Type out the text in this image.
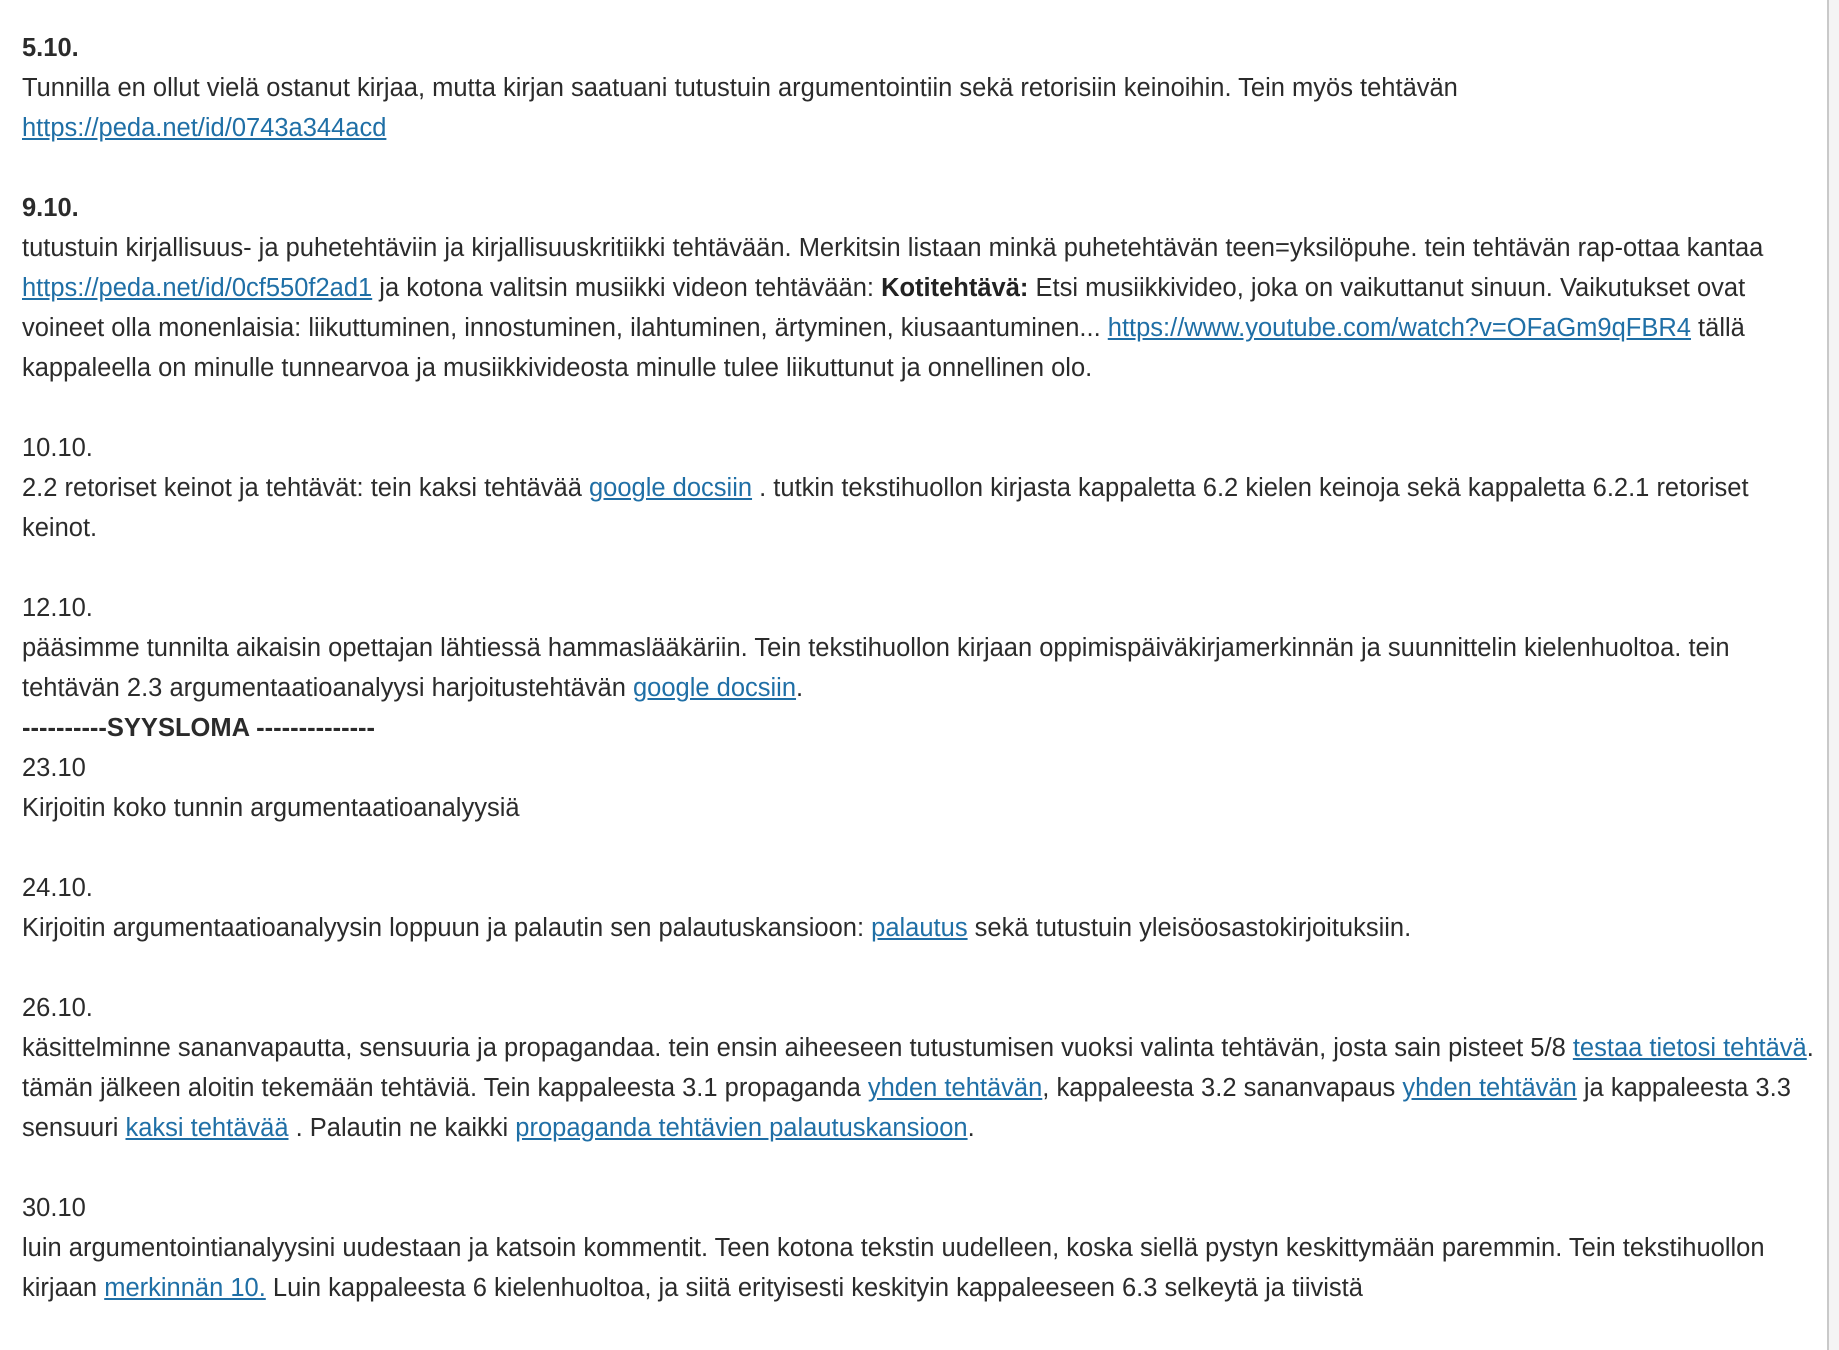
5.10.
Tunnilla en ollut vielä ostanut kirjaa, mutta kirjan saatuani tutustuin argumentointiin sekä retorisiin keinoihin. Tein myös tehtävän
https://peda.net/id/0743a344acd
9.10.
tutustuin kirjallisuus- ja puhetehtäviin ja kirjallisuuskritiikki tehtävään. Merkitsin listaan minkä puhetehtävän teen=yksilöpuhe. tein tehtävän rap-ottaa kantaa https://peda.net/id/0cf550f2ad1 ja kotona valitsin musiikki videon tehtävään: Kotitehtävä: Etsi musiikkivideo, joka on vaikuttanut sinuun. Vaikutukset ovat voineet olla monenlaisia: liikuttuminen, innostuminen, ilahtuminen, ärtyminen, kiusaantuminen... https://www.youtube.com/watch?v=OFaGm9qFBR4 tällä kappaleella on minulle tunnearvoa ja musiikkivideosta minulle tulee liikuttunut ja onnellinen olo.
10.10.
2.2 retoriset keinot ja tehtävät: tein kaksi tehtävää google docsiin . tutkin tekstihuollon kirjasta kappaletta 6.2 kielen keinoja sekä kappaletta 6.2.1 retoriset keinot.
12.10.
pääsimme tunnilta aikaisin opettajan lähtiessä hammaslääkäriin. Tein tekstihuollon kirjaan oppimispäiväkirjamerkinnän ja suunnittelin kielenhuoltoa. tein tehtävän 2.3 argumentaatioanalyysi harjoitustehtävän google docsiin.
----------SYYSLOMA --------------
23.10
Kirjoitin koko tunnin argumentaatioanalyysiä
24.10.
Kirjoitin argumentaatioanalyysin loppuun ja palautin sen palautuskansioon: palautus sekä tutustuin yleisöosastokirjoituksiin.
26.10.
käsittelminne sananvapautta, sensuuria ja propagandaa. tein ensin aiheeseen tutustumisen vuoksi valinta tehtävän, josta sain pisteet 5/8 testaa tietosi tehtävä. tämän jälkeen aloitin tekemään tehtäviä. Tein kappaleesta 3.1 propaganda yhden tehtävän, kappaleesta 3.2 sananvapaus yhden tehtävän ja kappaleesta 3.3 sensuuri kaksi tehtävää . Palautin ne kaikki propaganda tehtävien palautuskansioon.
30.10
luin argumentointianalyysini uudestaan ja katsoin kommentit. Teen kotona tekstin uudelleen, koska siellä pystyn keskittymään paremmin. Tein tekstihuollon kirjaan merkinnän 10. Luin kappaleesta 6 kielenhuoltoa, ja siitä erityisesti keskityin kappaleeseen 6.3 selkeytä ja tiivistä
